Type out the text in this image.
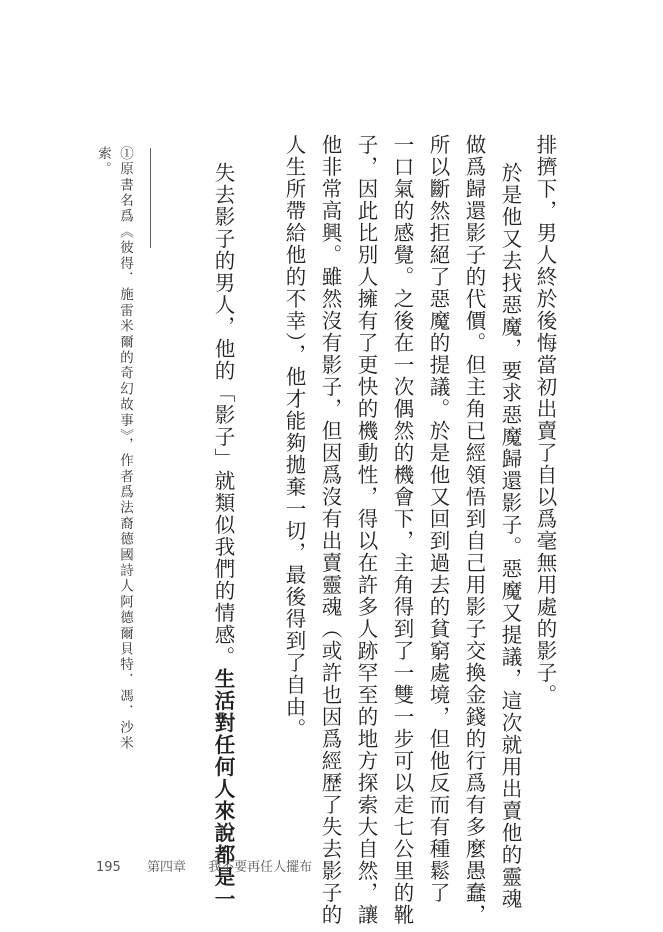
排擠下，男人終於後悔當初出賣了自以爲毫無用處的影子。
於是他又去找惡魔，要求惡魔歸還影子。惡魔又提議，這次就用出賣他的靈魂
做爲歸還影子的代價。但主角已經領悟到自己用影子交換金錢的行爲有多麼愚蠢，
所以斷然拒絕了惡魔的提議。於是他又回到過去的貧窮處境，但他反而有種鬆了
一口氣的感覺。之後在一次偶然的機會下，主角得到了一雙一步可以走七公里的靴
子，因此比別人擁有了更快的機動性，得以在許多人跡罕至的地方探索大自然，讓
他非常高興。雖然沒有影子，但因爲沒有出賣靈魂（或許也因爲經歷了失去影子的
人生所帶給他的不幸），他才能夠拋棄一切，最後得到了自由。
失去影子的男人，他的「影子」就類似我們的情感。生活對任何人來說都是一
①原書名爲《彼得．施雷米爾的奇幻故事》，作者爲法裔德國詩人阿德爾貝特．馮．沙米
索。
195 第四章 我不要再任人擺布
